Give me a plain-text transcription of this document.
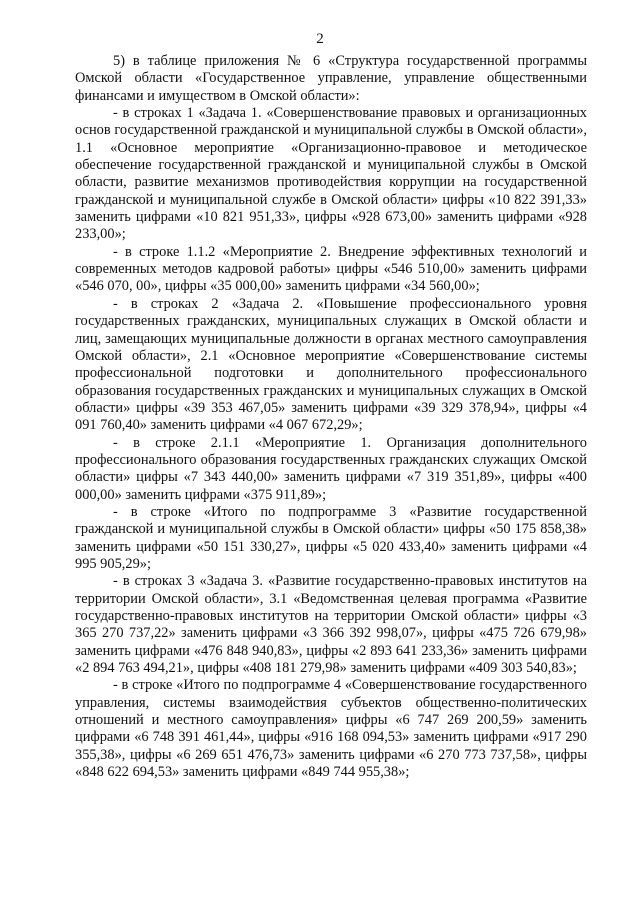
2

5) в таблице приложения № 6 «Структура государственной программы Омской области «Государственное управление, управление общественными финансами и имуществом в Омской области»:

- в строках 1 «Задача 1. «Совершенствование правовых и организационных основ государственной гражданской и муниципальной службы в Омской области», 1.1 «Основное мероприятие «Организационно-правовое и методическое обеспечение государственной гражданской и муниципальной службы в Омской области, развитие механизмов противодействия коррупции на государственной гражданской и муниципальной службе в Омской области» цифры «10 822 391,33» заменить цифрами «10 821 951,33», цифры «928 673,00» заменить цифрами «928 233,00»;

- в строке 1.1.2 «Мероприятие 2. Внедрение эффективных технологий и современных методов кадровой работы» цифры «546 510,00» заменить цифрами «546 070, 00», цифры «35 000,00» заменить цифрами «34 560,00»;

- в строках 2 «Задача 2. «Повышение профессионального уровня государственных гражданских, муниципальных служащих в Омской области и лиц, замещающих муниципальные должности в органах местного самоуправления Омской области», 2.1 «Основное мероприятие «Совершенствование системы профессиональной подготовки и дополнительного профессионального образования государственных гражданских и муниципальных служащих в Омской области» цифры «39 353 467,05» заменить цифрами «39 329 378,94», цифры «4 091 760,40» заменить цифрами «4 067 672,29»;

- в строке 2.1.1 «Мероприятие 1. Организация дополнительного профессионального образования государственных гражданских служащих Омской области» цифры «7 343 440,00» заменить цифрами «7 319 351,89», цифры «400 000,00» заменить цифрами «375 911,89»;

- в строке «Итого по подпрограмме 3 «Развитие государственной гражданской и муниципальной службы в Омской области» цифры «50 175 858,38» заменить цифрами «50 151 330,27», цифры «5 020 433,40» заменить цифрами «4 995 905,29»;

- в строках 3 «Задача 3. «Развитие государственно-правовых институтов на территории Омской области», 3.1 «Ведомственная целевая программа «Развитие государственно-правовых институтов на территории Омской области» цифры «3 365 270 737,22» заменить цифрами «3 366 392 998,07», цифры «475 726 679,98» заменить цифрами «476 848 940,83», цифры «2 893 641 233,36» заменить цифрами «2 894 763 494,21», цифры «408 181 279,98» заменить цифрами «409 303 540,83»;

- в строке «Итого по подпрограмме 4 «Совершенствование государственного управления, системы взаимодействия субъектов общественно-политических отношений и местного самоуправления» цифры «6 747 269 200,59» заменить цифрами «6 748 391 461,44», цифры «916 168 094,53» заменить цифрами «917 290 355,38», цифры «6 269 651 476,73» заменить цифрами «6 270 773 737,58», цифры «848 622 694,53» заменить цифрами «849 744 955,38»;
